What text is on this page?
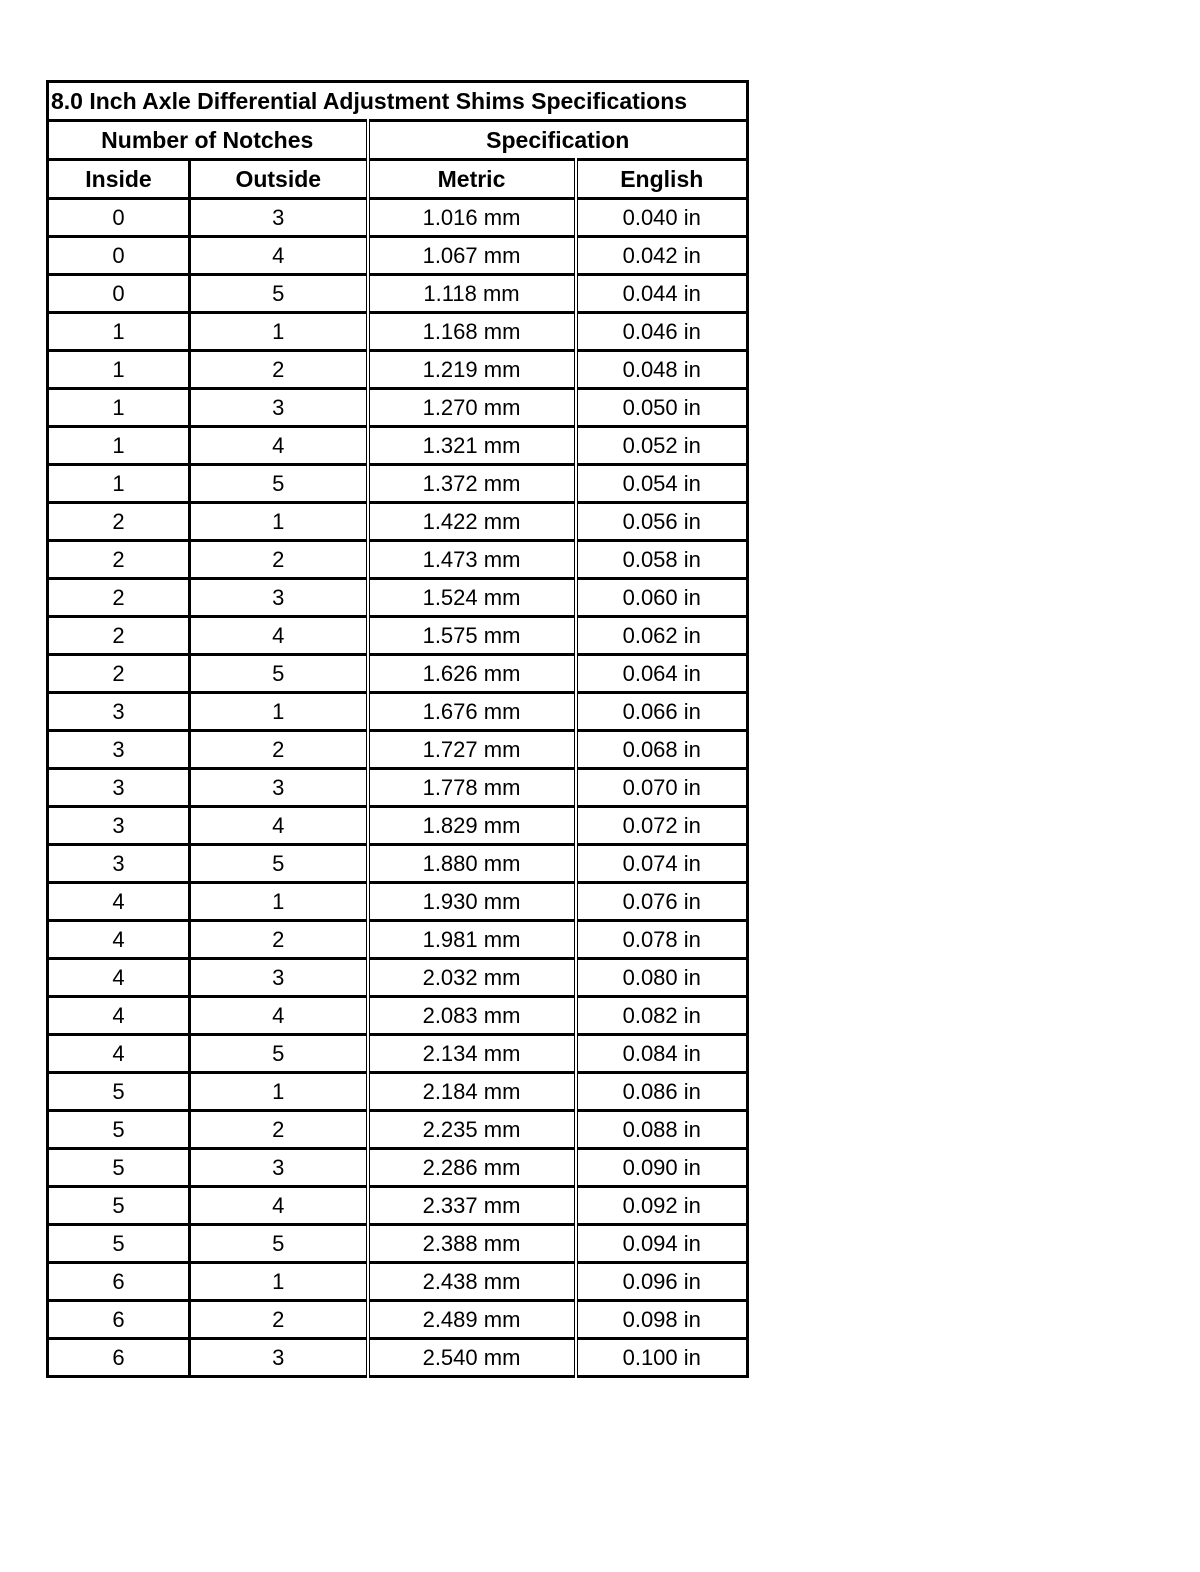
8.0 Inch Axle Differential Adjustment Shims Specifications			
Number of Notches		Specification	
Inside	Outside	Metric	English
0	3	1.016 mm	0.040 in
0	4	1.067 mm	0.042 in
0	5	1.118 mm	0.044 in
1	1	1.168 mm	0.046 in
1	2	1.219 mm	0.048 in
1	3	1.270 mm	0.050 in
1	4	1.321 mm	0.052 in
1	5	1.372 mm	0.054 in
2	1	1.422 mm	0.056 in
2	2	1.473 mm	0.058 in
2	3	1.524 mm	0.060 in
2	4	1.575 mm	0.062 in
2	5	1.626 mm	0.064 in
3	1	1.676 mm	0.066 in
3	2	1.727 mm	0.068 in
3	3	1.778 mm	0.070 in
3	4	1.829 mm	0.072 in
3	5	1.880 mm	0.074 in
4	1	1.930 mm	0.076 in
4	2	1.981 mm	0.078 in
4	3	2.032 mm	0.080 in
4	4	2.083 mm	0.082 in
4	5	2.134 mm	0.084 in
5	1	2.184 mm	0.086 in
5	2	2.235 mm	0.088 in
5	3	2.286 mm	0.090 in
5	4	2.337 mm	0.092 in
5	5	2.388 mm	0.094 in
6	1	2.438 mm	0.096 in
6	2	2.489 mm	0.098 in
6	3	2.540 mm	0.100 in
